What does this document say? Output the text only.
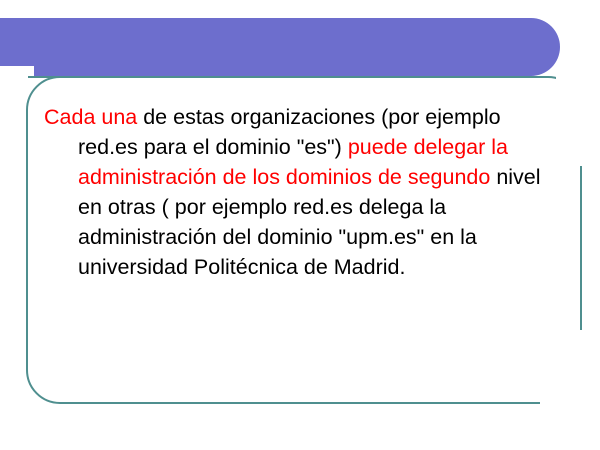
Cada una de estas organizaciones (por ejemplo red.es para el dominio "es") puede delegar la administración de los dominios de segundo nivel en otras ( por ejemplo red.es delega la administración del dominio "upm.es" en la universidad Politécnica de Madrid.
